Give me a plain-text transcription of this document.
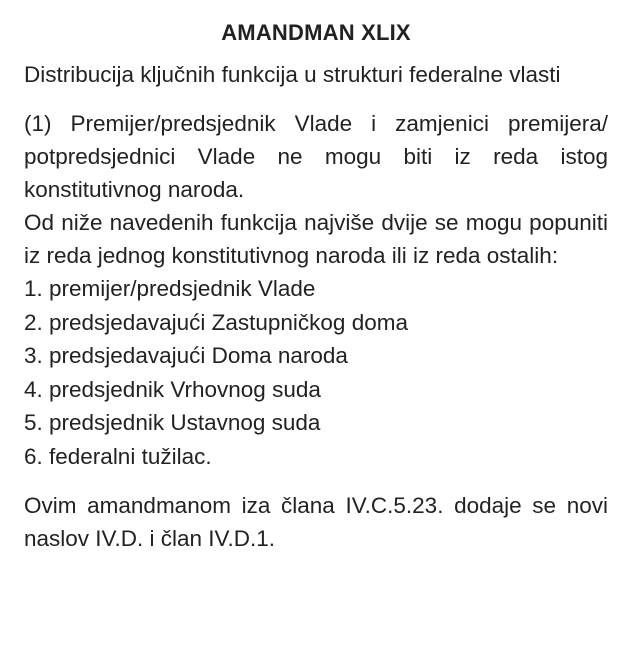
AMANDMAN XLIX

Distribucija ključnih funkcija u strukturi federalne vlasti

(1) Premijer/predsjednik Vlade i zamjenici premijera/ potpredsjednici Vlade ne mogu biti iz reda istog konstitutivnog naroda.

Od niže navedenih funkcija najviše dvije se mogu popuniti iz reda jednog konstitutivnog naroda ili iz reda ostalih:

1. premijer/predsjednik Vlade
2. predsjedavajući Zastupničkog doma
3. predsjedavajući Doma naroda
4. predsjednik Vrhovnog suda
5. predsjednik Ustavnog suda
6. federalni tužilac.

Ovim amandmanom iza člana IV.C.5.23. dodaje se novi naslov IV.D. i član IV.D.1.
